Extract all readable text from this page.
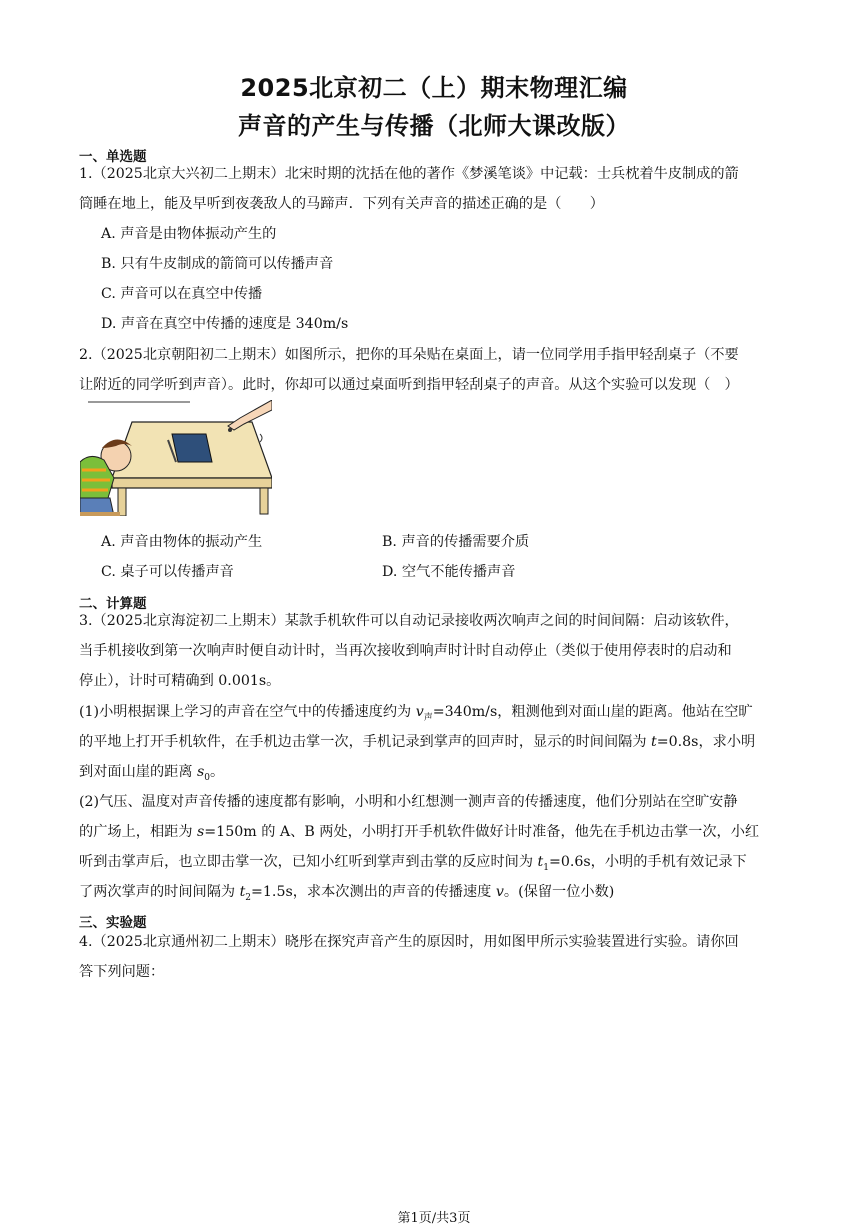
2025北京初二（上）期末物理汇编
声音的产生与传播（北师大课改版）
一、单选题
1.（2025北京大兴初二上期末）北宋时期的沈括在他的著作《梦溪笔谈》中记载：士兵枕着牛皮制成的箭
筒睡在地上，能及早听到夜袭敌人的马蹄声．下列有关声音的描述正确的是（　　）
A. 声音是由物体振动产生的
B. 只有牛皮制成的箭筒可以传播声音
C. 声音可以在真空中传播
D. 声音在真空中传播的速度是 340m/s
2.（2025北京朝阳初二上期末）如图所示，把你的耳朵贴在桌面上，请一位同学用手指甲轻刮桌子（不要
让附近的同学听到声音）。此时，你却可以通过桌面听到指甲轻刮桌子的声音。从这个实验可以发现（　）
A. 声音由物体的振动产生	B. 声音的传播需要介质
C. 桌子可以传播声音	D. 空气不能传播声音
二、计算题
3.（2025北京海淀初二上期末）某款手机软件可以自动记录接收两次响声之间的时间间隔：启动该软件，
当手机接收到第一次响声时便自动计时，当再次接收到响声时计时自动停止（类似于使用停表时的启动和
停止），计时可精确到 0.001s。
(1)小明根据课上学习的声音在空气中的传播速度约为 $v_声=340m/s$，粗测他到对面山崖的距离。他站在空旷
的平地上打开手机软件，在手机边击掌一次，手机记录到掌声的回声时，显示的时间间隔为 t=0.8s，求小明
到对面山崖的距离 $s_0$。
(2)气压、温度对声音传播的速度都有影响，小明和小红想测一测声音的传播速度，他们分别站在空旷安静
的广场上，相距为 s=150m 的 A、B 两处，小明打开手机软件做好计时准备，他先在手机边击掌一次，小红
听到击掌声后，也立即击掌一次，已知小红听到掌声到击掌的反应时间为 $t_1=0.6s$，小明的手机有效记录下
了两次掌声的时间间隔为 $t_2=1.5s$，求本次测出的声音的传播速度 v。(保留一位小数)
三、实验题
4.（2025北京通州初二上期末）晓彤在探究声音产生的原因时，用如图甲所示实验装置进行实验。请你回
答下列问题：
第1页/共3页
